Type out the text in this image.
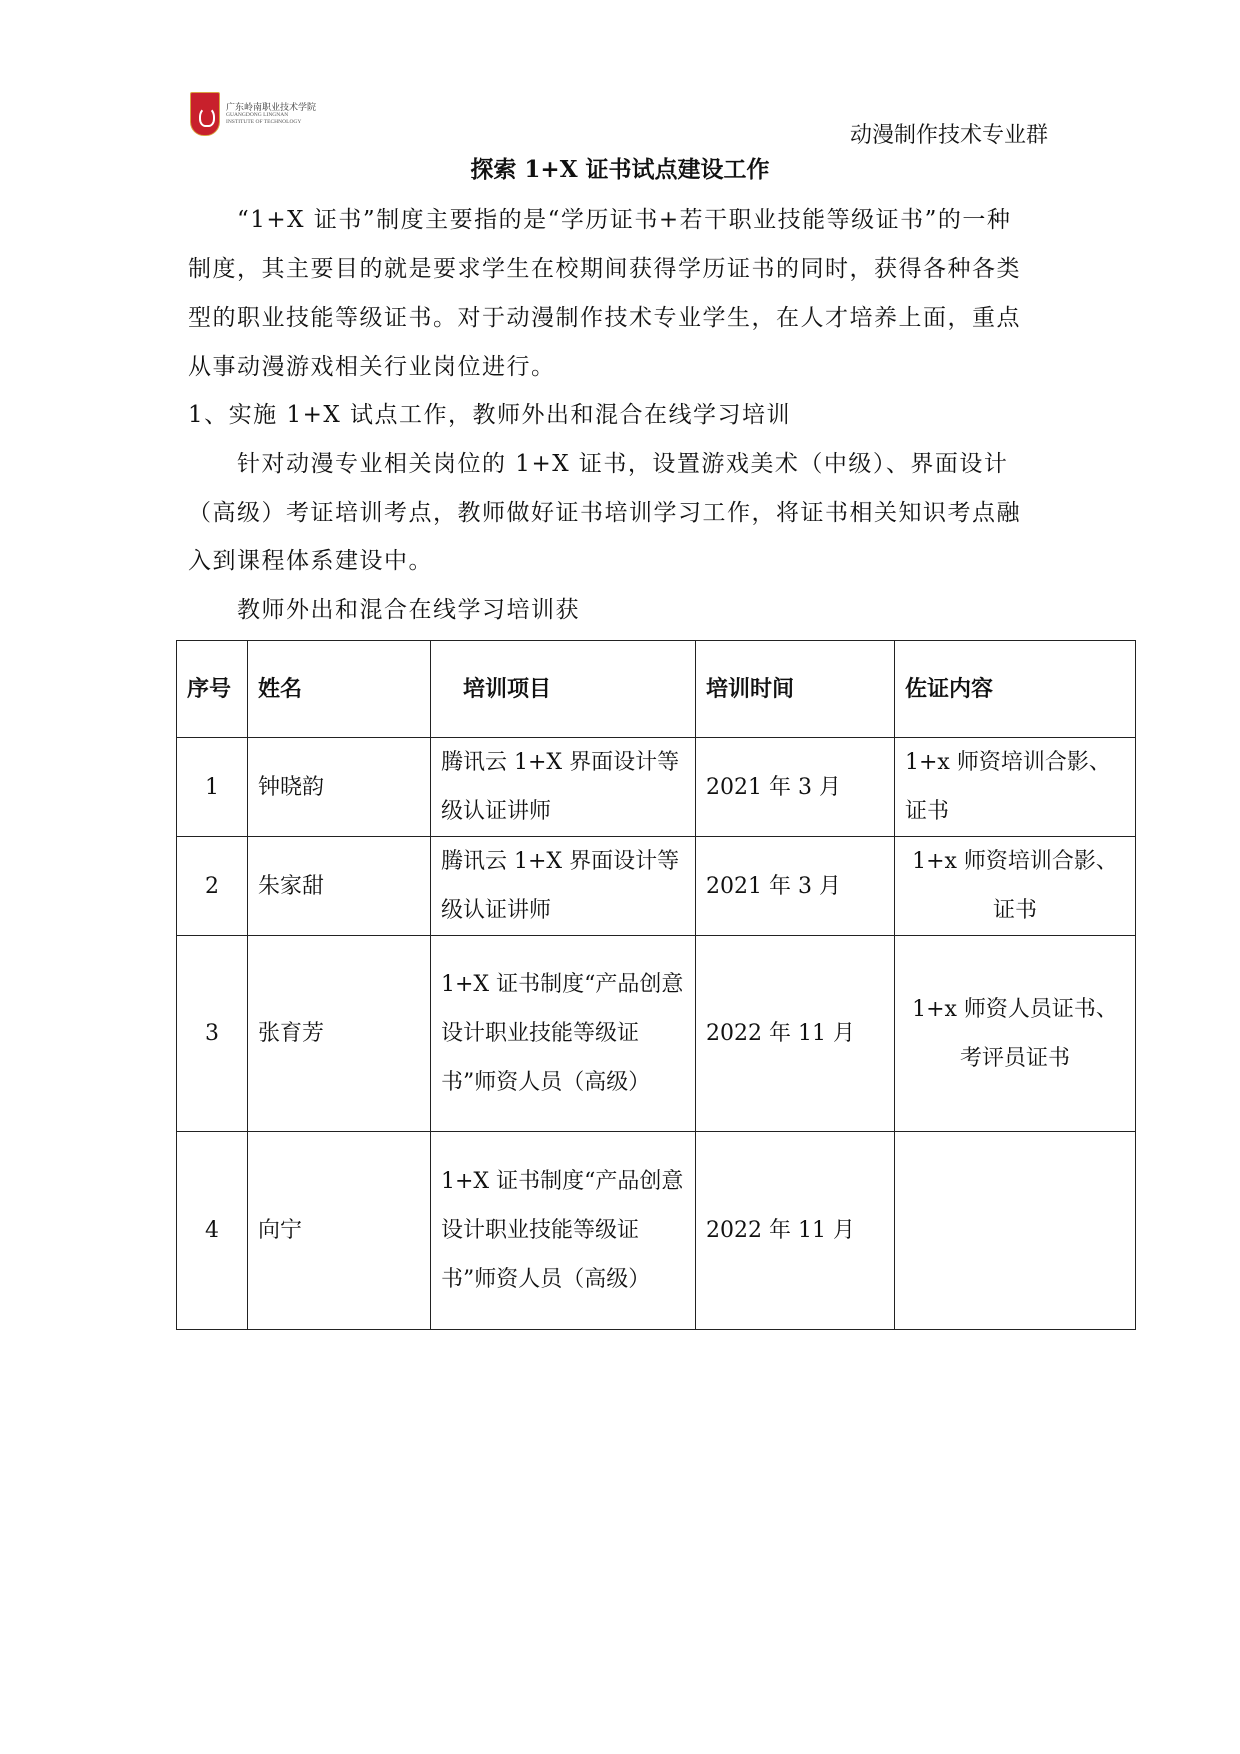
广东岭南职业技术学院
GUANGDONG LINGNAN
INSTITUTE OF TECHNOLOGY
动漫制作技术专业群
探索 1+X 证书试点建设工作
　　“1+X 证书”制度主要指的是“学历证书+若干职业技能等级证书”的一种
制度，其主要目的就是要求学生在校期间获得学历证书的同时，获得各种各类
型的职业技能等级证书。对于动漫制作技术专业学生，在人才培养上面，重点
从事动漫游戏相关行业岗位进行。
1、实施 1+X 试点工作，教师外出和混合在线学习培训
　　针对动漫专业相关岗位的 1+X 证书，设置游戏美术（中级）、界面设计
（高级）考证培训考点，教师做好证书培训学习工作，将证书相关知识考点融
入到课程体系建设中。
　　教师外出和混合在线学习培训获
序号	姓名	培训项目	培训时间	佐证内容
1	钟晓韵	腾讯云 1+X 界面设计等级认证讲师	2021 年 3 月	1+x 师资培训合影、证书
2	朱家甜	腾讯云 1+X 界面设计等级认证讲师	2021 年 3 月	1+x 师资培训合影、证书
3	张育芳	1+X 证书制度“产品创意设计职业技能等级证书”师资人员（高级）	2022 年 11 月	1+x 师资人员证书、考评员证书
4	向宁	1+X 证书制度“产品创意设计职业技能等级证书”师资人员（高级）	2022 年 11 月	
